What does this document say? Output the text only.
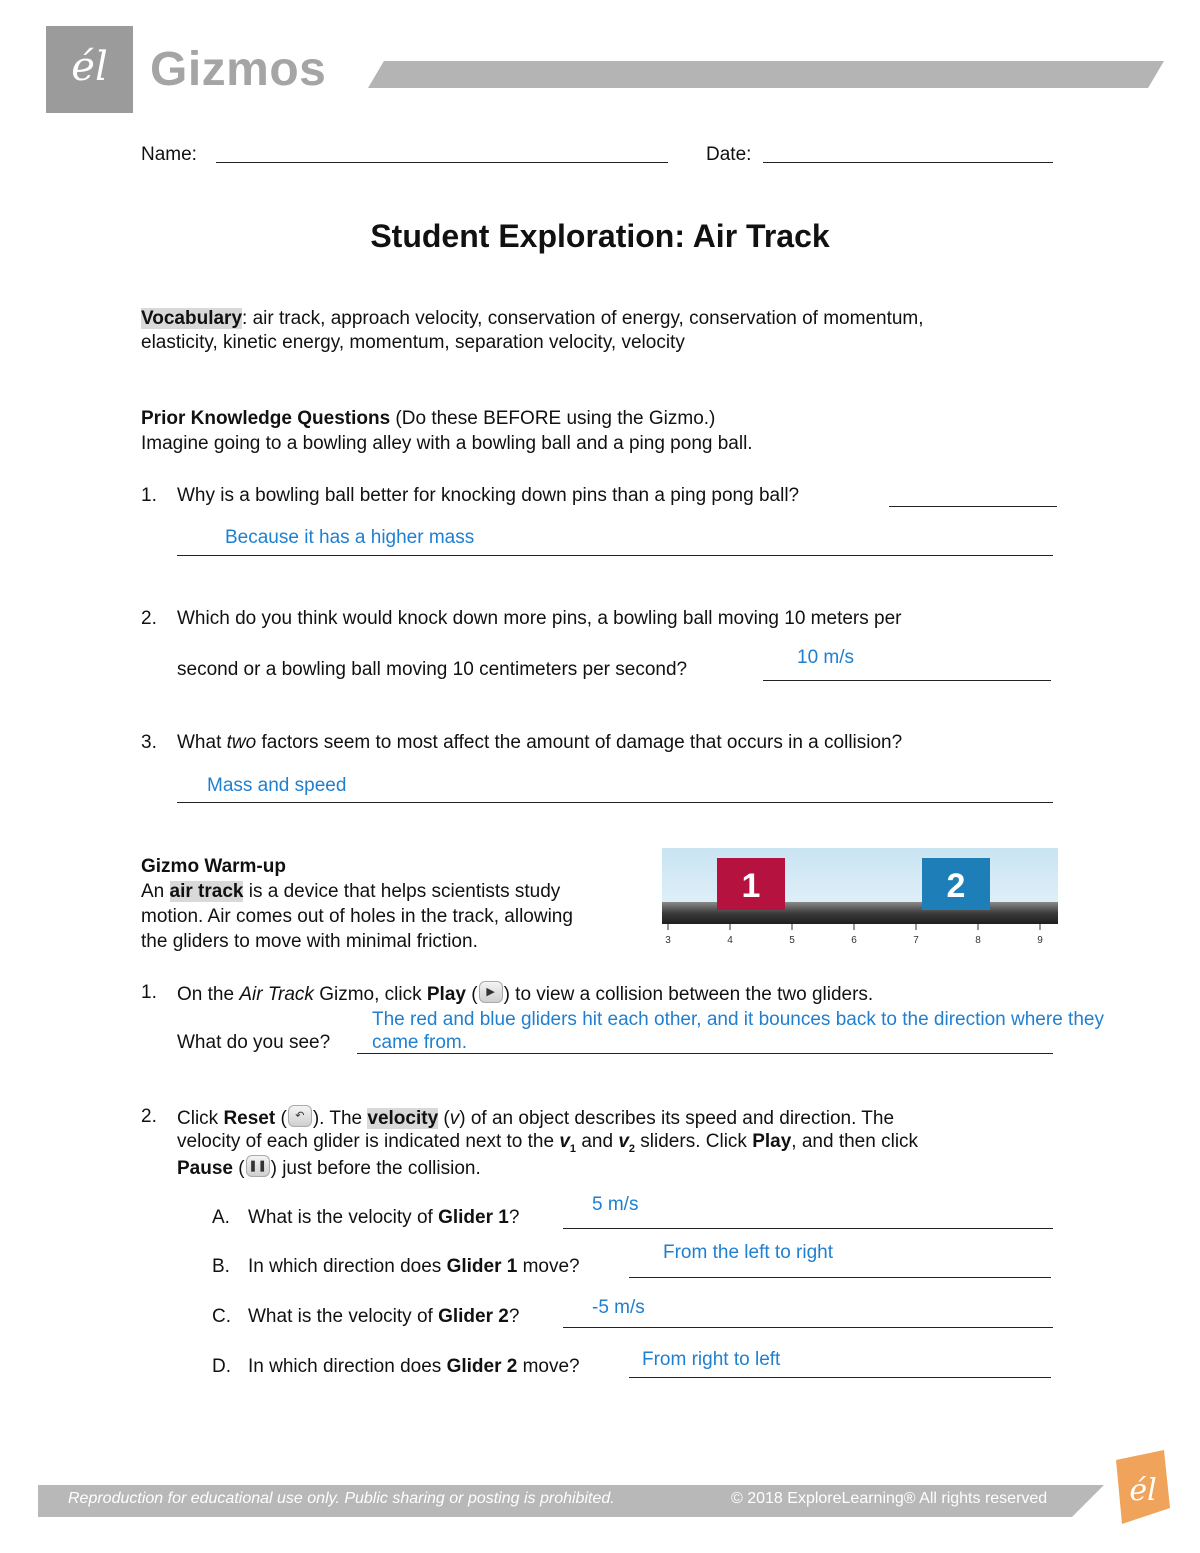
él Gizmos
Name:	Date:
Student Exploration: Air Track
Vocabulary: air track, approach velocity, conservation of energy, conservation of momentum,
elasticity, kinetic energy, momentum, separation velocity, velocity
Prior Knowledge Questions (Do these BEFORE using the Gizmo.)
Imagine going to a bowling alley with a bowling ball and a ping pong ball.
1. Why is a bowling ball better for knocking down pins than a ping pong ball?
Because it has a higher mass
2. Which do you think would knock down more pins, a bowling ball moving 10 meters per
second or a bowling ball moving 10 centimeters per second?
10 m/s
3. What two factors seem to most affect the amount of damage that occurs in a collision?
Mass and speed
Gizmo Warm-up
An air track is a device that helps scientists study
motion. Air comes out of holes in the track, allowing
the gliders to move with minimal friction.
1	2
3	4	5	6	7	8	9
1. On the Air Track Gizmo, click Play ( ▶ ) to view a collision between the two gliders.
What do you see?
The red and blue gliders hit each other, and it bounces back to the direction where they
came from.
2. Click Reset ( ↶ ). The velocity (v) of an object describes its speed and direction. The
velocity of each glider is indicated next to the $v_1$ and $v_2$ sliders. Click Play, and then click
Pause ( ❚❚ ) just before the collision.
A. What is the velocity of Glider 1?
5 m/s
B. In which direction does Glider 1 move?
From the left to right
C. What is the velocity of Glider 2?	-5 m/s
D. In which direction does Glider 2 move?	From right to left
Reproduction for educational use only. Public sharing or posting is prohibited.	© 2018 ExploreLearning® All rights reserved	él
